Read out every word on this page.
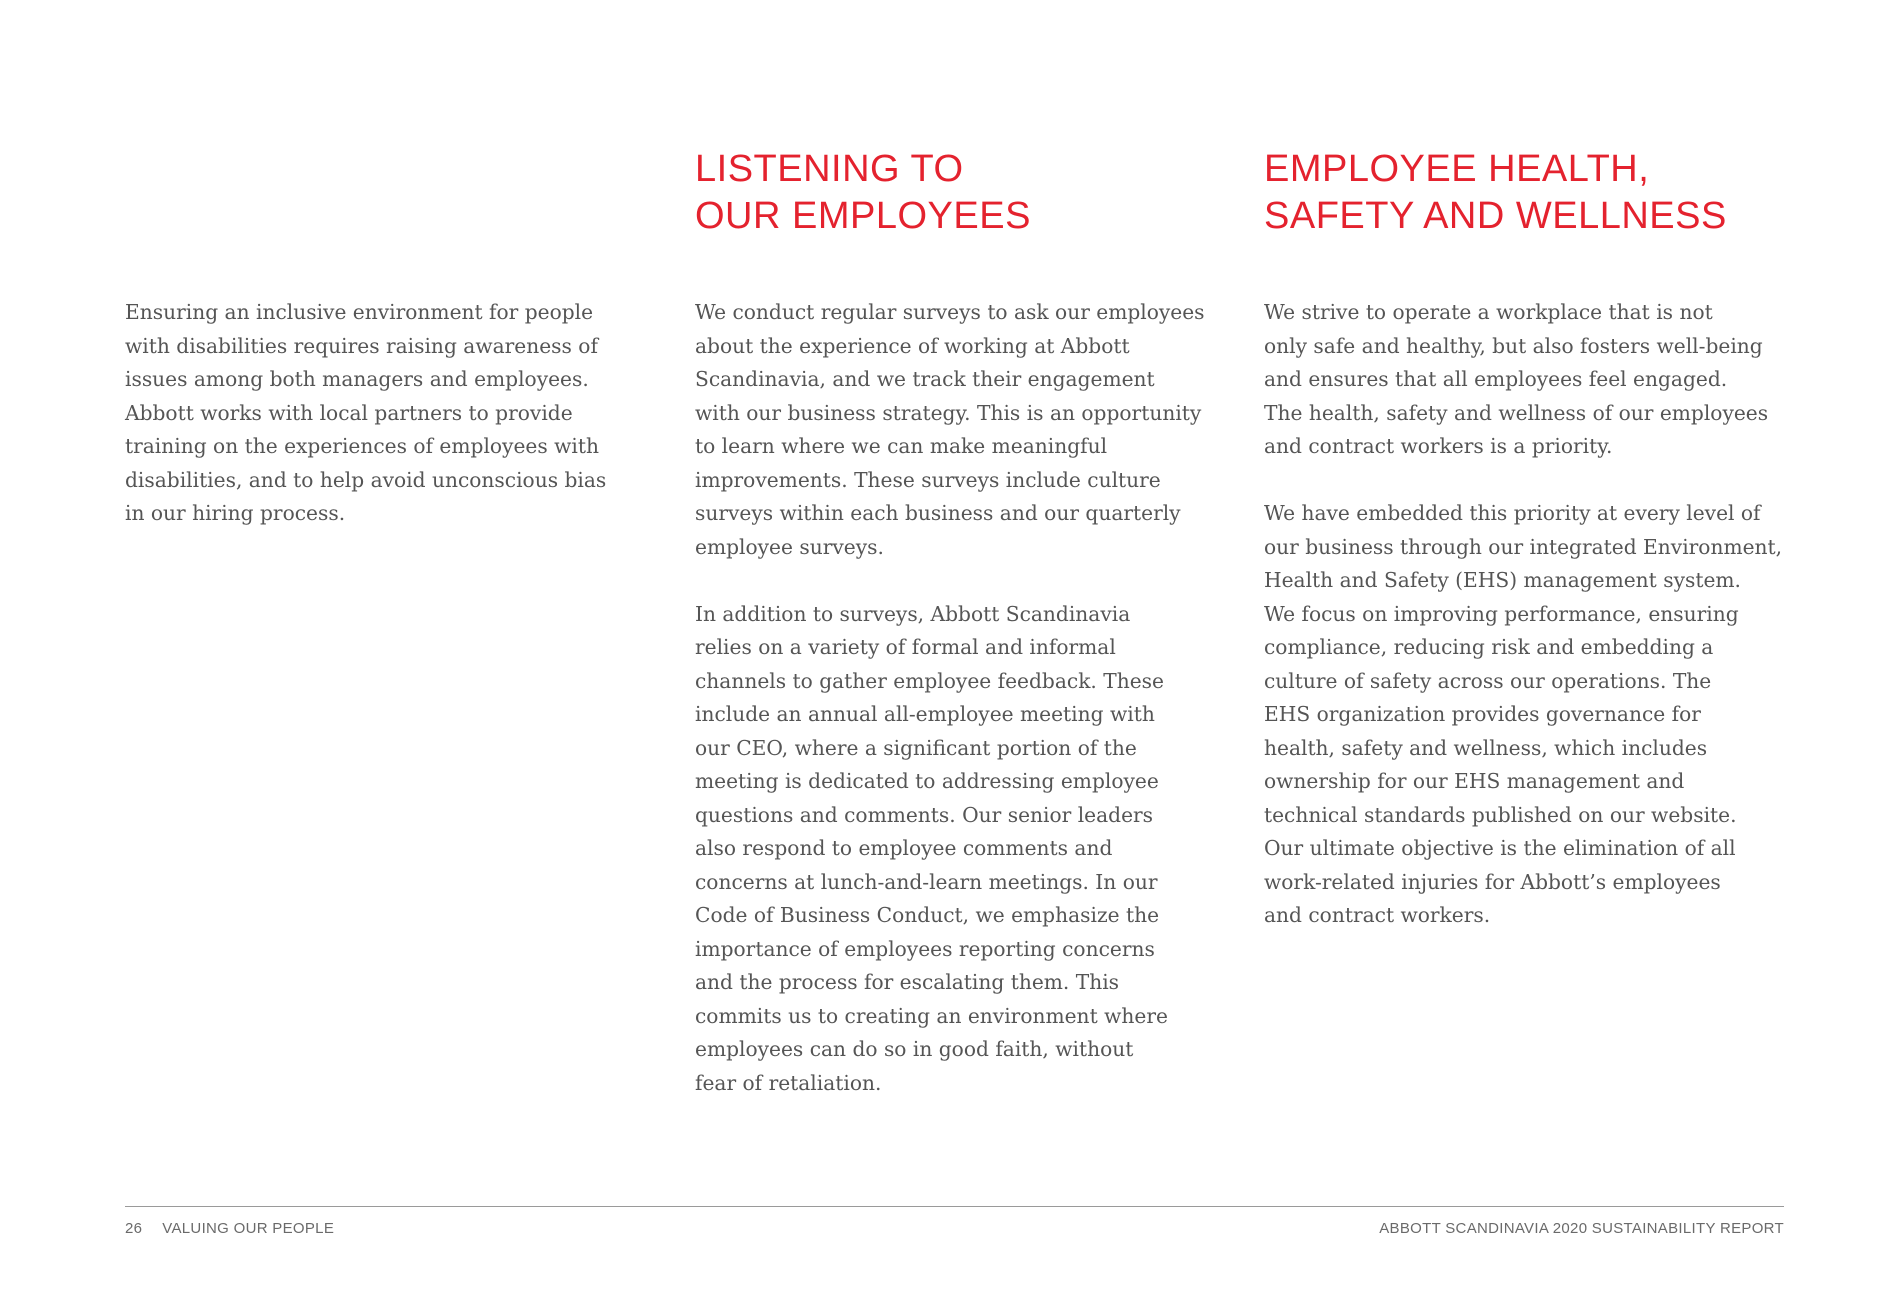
Ensuring an inclusive environment for people
with disabilities requires raising awareness of
issues among both managers and employees.
Abbott works with local partners to provide
training on the experiences of employees with
disabilities, and to help avoid unconscious bias
in our hiring process.

LISTENING TO
OUR EMPLOYEES

We conduct regular surveys to ask our employees
about the experience of working at Abbott
Scandinavia, and we track their engagement
with our business strategy. This is an opportunity
to learn where we can make meaningful
improvements. These surveys include culture
surveys within each business and our quarterly
employee surveys.

In addition to surveys, Abbott Scandinavia
relies on a variety of formal and informal
channels to gather employee feedback. These
include an annual all-employee meeting with
our CEO, where a significant portion of the
meeting is dedicated to addressing employee
questions and comments. Our senior leaders
also respond to employee comments and
concerns at lunch-and-learn meetings. In our
Code of Business Conduct, we emphasize the
importance of employees reporting concerns
and the process for escalating them. This
commits us to creating an environment where
employees can do so in good faith, without
fear of retaliation.

EMPLOYEE HEALTH,
SAFETY AND WELLNESS

We strive to operate a workplace that is not
only safe and healthy, but also fosters well-being
and ensures that all employees feel engaged.
The health, safety and wellness of our employees
and contract workers is a priority.

We have embedded this priority at every level of
our business through our integrated Environment,
Health and Safety (EHS) management system.
We focus on improving performance, ensuring
compliance, reducing risk and embedding a
culture of safety across our operations. The
EHS organization provides governance for
health, safety and wellness, which includes
ownership for our EHS management and
technical standards published on our website.
Our ultimate objective is the elimination of all
work-related injuries for Abbott’s employees
and contract workers.

26 VALUING OUR PEOPLE	ABBOTT SCANDINAVIA 2020 SUSTAINABILITY REPORT
